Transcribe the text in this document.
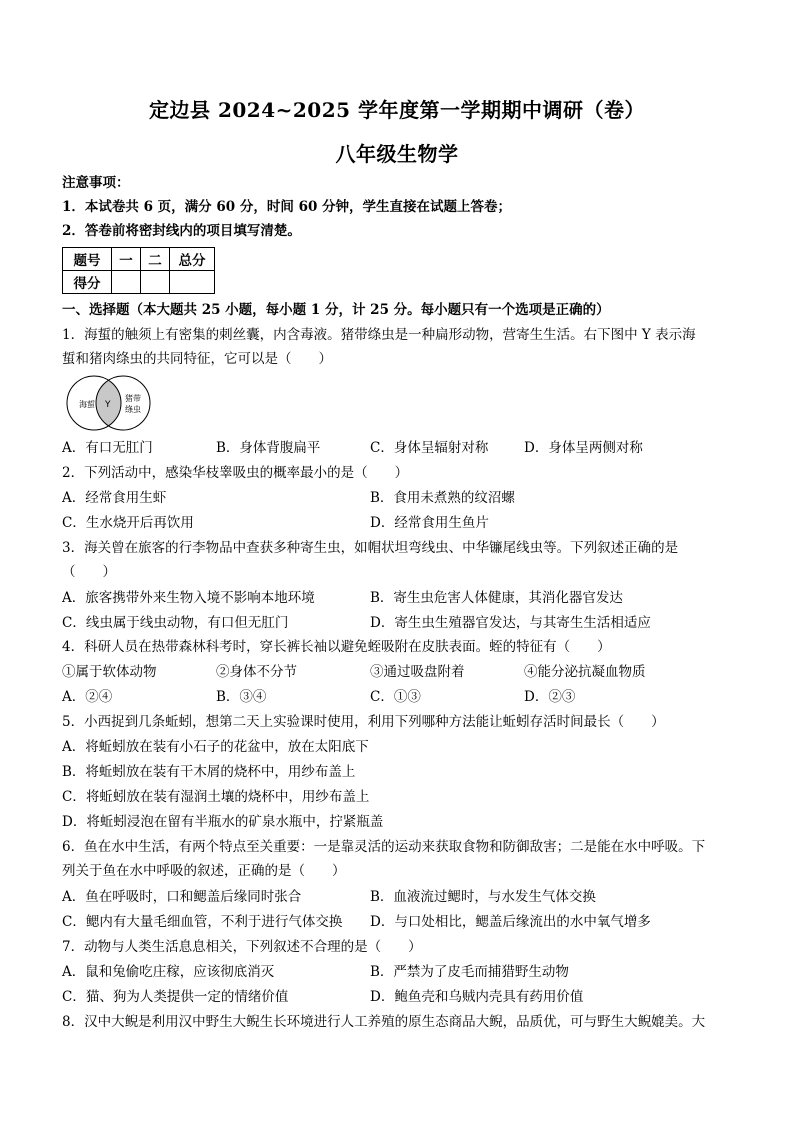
定边县 2024~2025 学年度第一学期期中调研（卷）
八年级生物学
注意事项：
1．本试卷共 6 页，满分 60 分，时间 60 分钟，学生直接在试题上答卷；
2．答卷前将密封线内的项目填写清楚。
题号	一	二	总分
得分			
一、选择题（本大题共 25 小题，每小题 1 分，计 25 分。每小题只有一个选项是正确的）
1．海蜇的触须上有密集的刺丝囊，内含毒液。猪带绦虫是一种扁形动物，营寄生生活。右下图中 Y 表示海
蜇和猪肉绦虫的共同特征，它可以是（　　）
海蜇 Y
猪带
绦虫
A．有口无肛门	B．身体背腹扁平	C．身体呈辐射对称	D．身体呈两侧对称
2．下列活动中，感染华枝睾吸虫的概率最小的是（　　）
A．经常食用生虾	B．食用未煮熟的纹沼螺
C．生水烧开后再饮用	D．经常食用生鱼片
3．海关曾在旅客的行李物品中查获多种寄生虫，如帽状坦弯线虫、中华镰尾线虫等。下列叙述正确的是
（　　）
A．旅客携带外来生物入境不影响本地环境	B．寄生虫危害人体健康，其消化器官发达
C．线虫属于线虫动物，有口但无肛门	D．寄生虫生殖器官发达，与其寄生生活相适应
4．科研人员在热带森林科考时，穿长裤长袖以避免蛭吸附在皮肤表面。蛭的特征有（　　）
①属于软体动物	②身体不分节	③通过吸盘附着	④能分泌抗凝血物质
A．②④	B．③④	C．①③	D．②③
5．小西捉到几条蚯蚓，想第二天上实验课时使用，利用下列哪种方法能让蚯蚓存活时间最长（　　）
A．将蚯蚓放在装有小石子的花盆中，放在太阳底下
B．将蚯蚓放在装有干木屑的烧杯中，用纱布盖上
C．将蚯蚓放在装有湿润土壤的烧杯中，用纱布盖上
D．将蚯蚓浸泡在留有半瓶水的矿泉水瓶中，拧紧瓶盖
6．鱼在水中生活，有两个特点至关重要：一是靠灵活的运动来获取食物和防御敌害；二是能在水中呼吸。下
列关于鱼在水中呼吸的叙述，正确的是（　　）
A．鱼在呼吸时，口和鳃盖后缘同时张合	B．血液流过鳃时，与水发生气体交换
C．鳃内有大量毛细血管，不利于进行气体交换 D．与口处相比，鳃盖后缘流出的水中氧气增多
7．动物与人类生活息息相关，下列叙述不合理的是（　　）
A．鼠和兔偷吃庄稼，应该彻底消灭	B．严禁为了皮毛而捕猎野生动物
C．猫、狗为人类提供一定的情绪价值	D．鲍鱼壳和乌贼内壳具有药用价值
8．汉中大鲵是利用汉中野生大鲵生长环境进行人工养殖的原生态商品大鲵，品质优，可与野生大鲵媲美。大
